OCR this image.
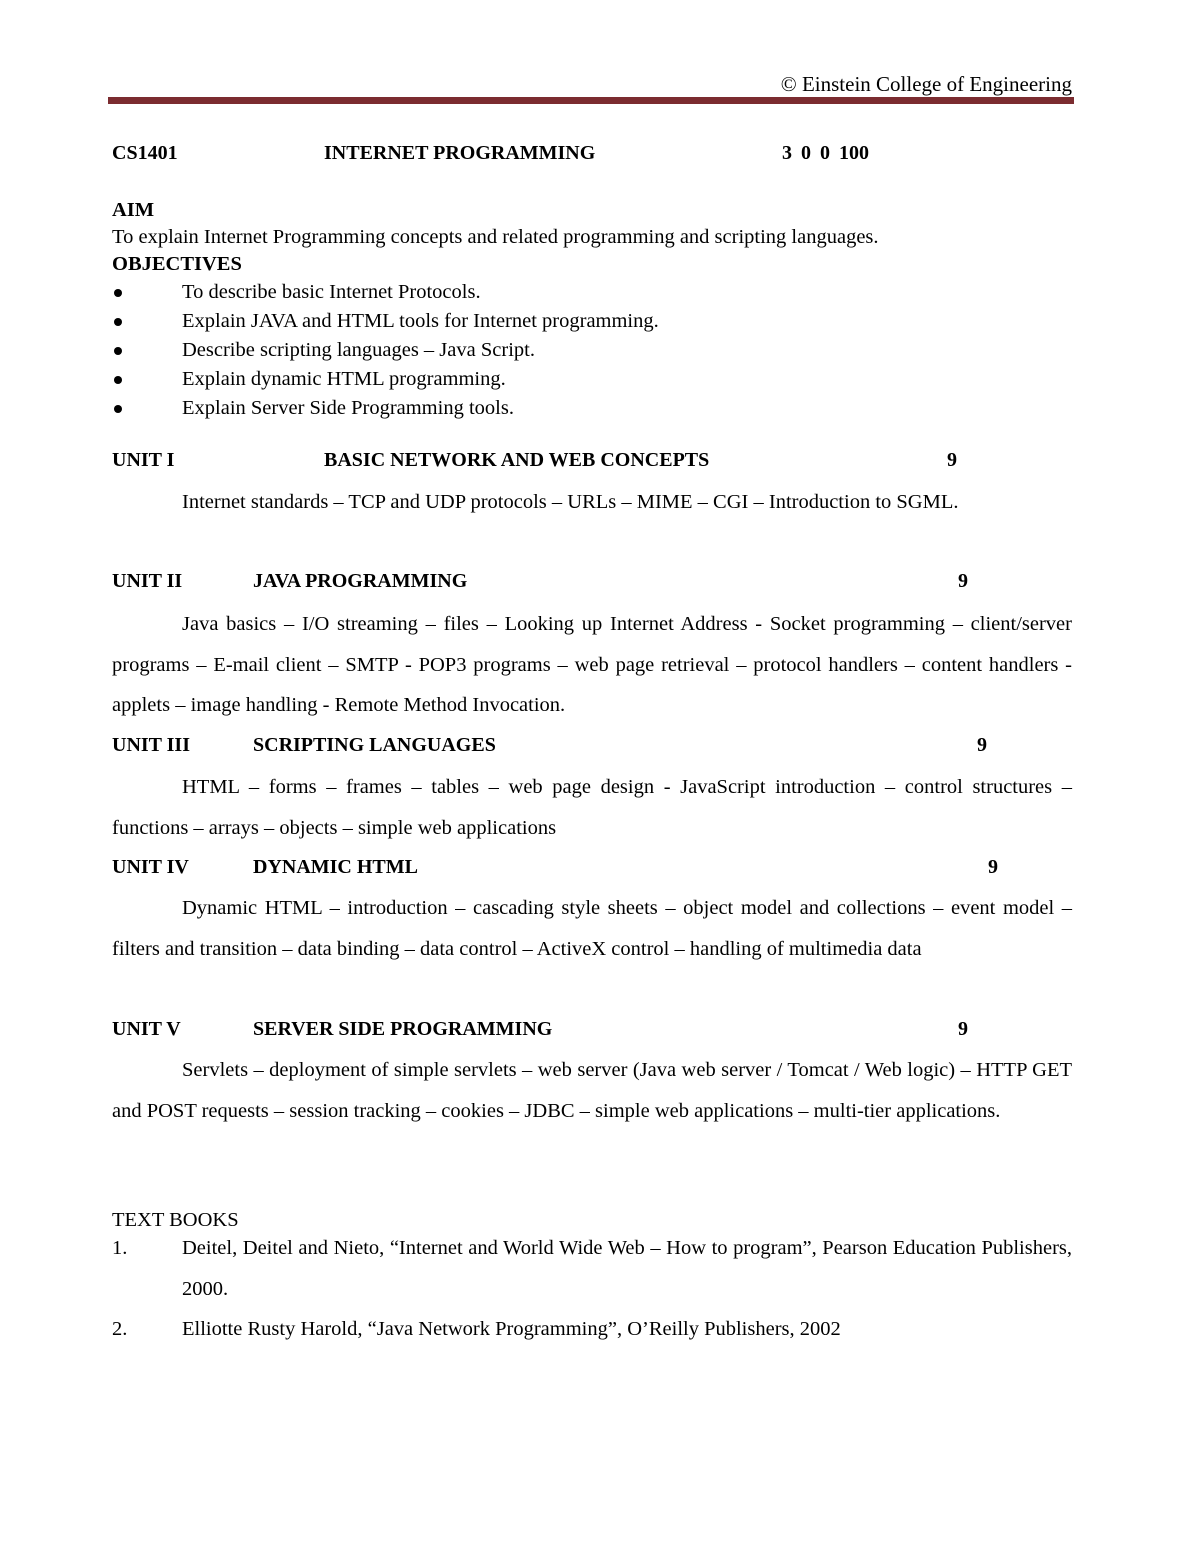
© Einstein College of Engineering
CS1401	INTERNET PROGRAMMING	3 0 0 100
AIM
To explain Internet Programming concepts and related programming and scripting languages.
OBJECTIVES
To describe basic Internet Protocols.
Explain JAVA and HTML tools for Internet programming.
Describe scripting languages – Java Script.
Explain dynamic HTML programming.
Explain Server Side Programming tools.
UNIT I	BASIC NETWORK AND WEB CONCEPTS	9
Internet standards – TCP and UDP protocols – URLs – MIME – CGI – Introduction to SGML.
UNIT II	JAVA PROGRAMMING	9
Java basics – I/O streaming – files – Looking up Internet Address - Socket programming – client/server programs – E-mail client – SMTP - POP3 programs – web page retrieval – protocol handlers – content handlers - applets – image handling - Remote Method Invocation.
UNIT III	SCRIPTING LANGUAGES	9
HTML – forms – frames – tables – web page design - JavaScript introduction – control structures – functions – arrays – objects – simple web applications
UNIT IV	DYNAMIC HTML	9
Dynamic HTML – introduction – cascading style sheets – object model and collections – event model – filters and transition – data binding – data control – ActiveX control – handling of multimedia data
UNIT V	SERVER SIDE PROGRAMMING	9
Servlets – deployment of simple servlets – web server (Java web server / Tomcat / Web logic) – HTTP GET and POST requests – session tracking – cookies – JDBC – simple web applications – multi-tier applications.
TEXT BOOKS
1.	Deitel, Deitel and Nieto, “Internet and World Wide Web – How to program”, Pearson Education Publishers, 2000.
2.	Elliotte Rusty Harold, “Java Network Programming”, O’Reilly Publishers, 2002
